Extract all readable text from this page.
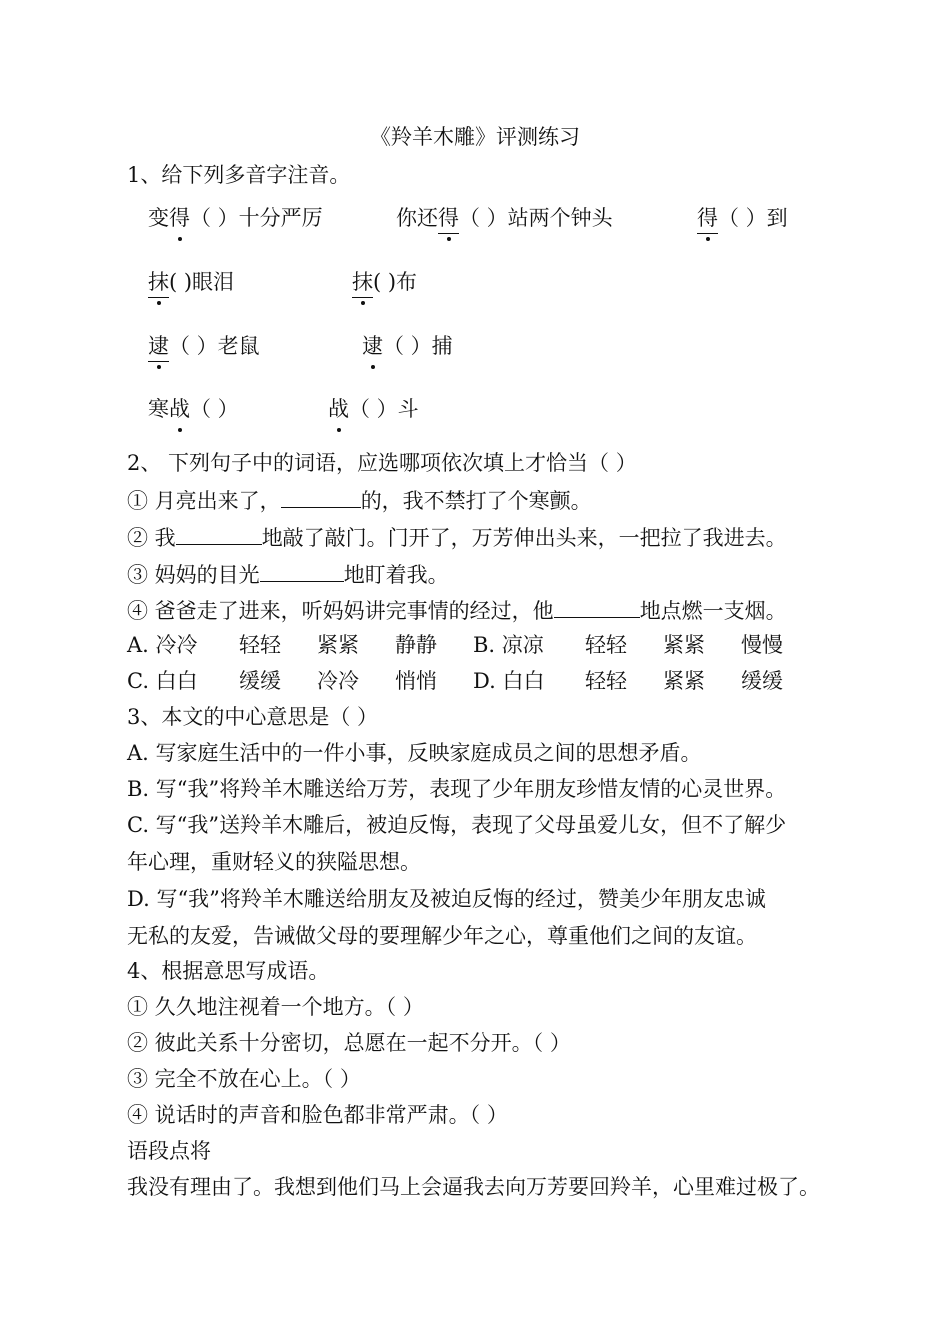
《羚羊木雕》评测练习
1、给下列多音字注音。
变得（ ）十分严厉	你还得（ ）站两个钟头	得（ ）到
抹( )眼泪	抹( )布
逮（ ）老鼠	逮（ ）捕
寒战（ ）	战（ ）斗
2、 下列句子中的词语，应选哪项依次填上才恰当（ ）
① 月亮出来了，	的，我不禁打了个寒颤。
② 我	地敲了敲门。门开了，万芳伸出头来，一把拉了我进去。
③ 妈妈的目光	地盯着我。
④ 爸爸走了进来，听妈妈讲完事情的经过，他	地点燃一支烟。
A. 冷冷 轻轻 紧紧 静静 B. 凉凉 轻轻 紧紧 慢慢
C. 白白 缓缓 冷冷 悄悄 D. 白白 轻轻 紧紧 缓缓
3、本文的中心意思是（ ）
A. 写家庭生活中的一件小事，反映家庭成员之间的思想矛盾。
B. 写“我”将羚羊木雕送给万芳，表现了少年朋友珍惜友情的心灵世界。
C. 写“我”送羚羊木雕后，被迫反悔，表现了父母虽爱儿女，但不了解少
年心理，重财轻义的狭隘思想。
D. 写“我”将羚羊木雕送给朋友及被迫反悔的经过，赞美少年朋友忠诚
无私的友爱，告诫做父母的要理解少年之心，尊重他们之间的友谊。
4、根据意思写成语。
① 久久地注视着一个地方。（ ）
② 彼此关系十分密切，总愿在一起不分开。（ ）
③ 完全不放在心上。（ ）
④ 说话时的声音和脸色都非常严肃。（ ）
语段点将
我没有理由了。我想到他们马上会逼我去向万芳要回羚羊，心里难过极了。
